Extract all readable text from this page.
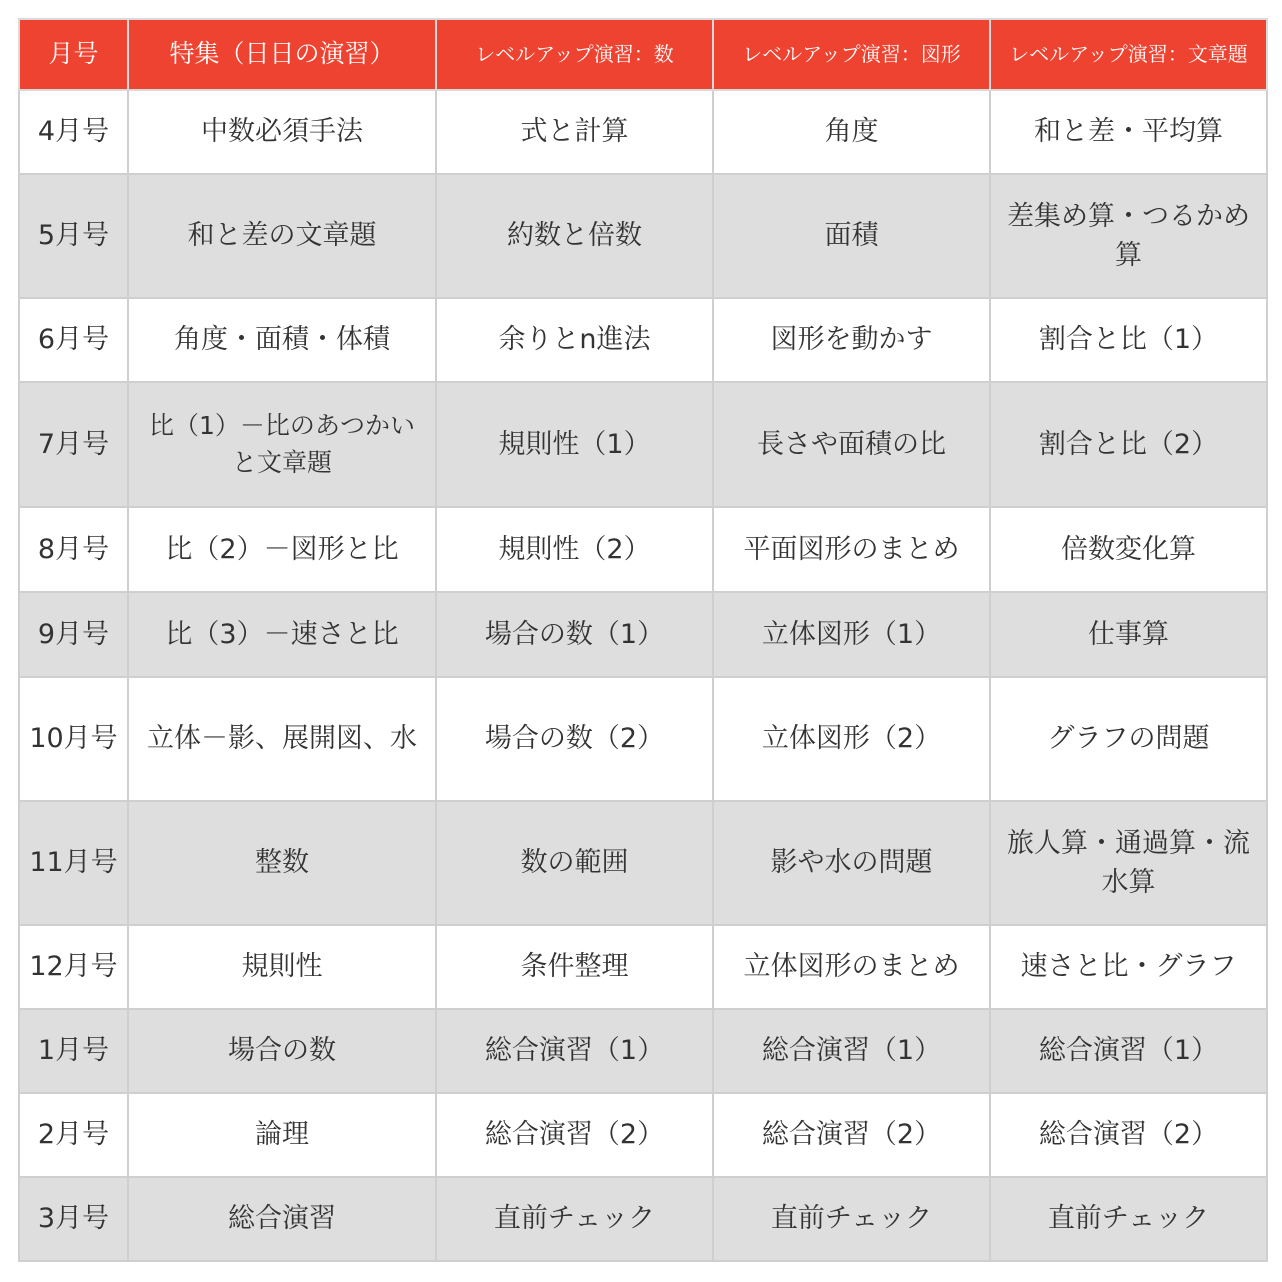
月号	特集（日日の演習）	レベルアップ演習：数	レベルアップ演習：図形	レベルアップ演習：文章題
4月号	中数必須手法	式と計算	角度	和と差・平均算
5月号	和と差の文章題	約数と倍数	面積	差集め算・つるかめ算
6月号	角度・面積・体積	余りとn進法	図形を動かす	割合と比（1）
7月号	比（1）－比のあつかいと文章題	規則性（1）	長さや面積の比	割合と比（2）
8月号	比（2）－図形と比	規則性（2）	平面図形のまとめ	倍数変化算
9月号	比（3）－速さと比	場合の数（1）	立体図形（1）	仕事算
10月号	立体－影、展開図、水	場合の数（2）	立体図形（2）	グラフの問題
11月号	整数	数の範囲	影や水の問題	旅人算・通過算・流水算
12月号	規則性	条件整理	立体図形のまとめ	速さと比・グラフ
1月号	場合の数	総合演習（1）	総合演習（1）	総合演習（1）
2月号	論理	総合演習（2）	総合演習（2）	総合演習（2）
3月号	総合演習	直前チェック	直前チェック	直前チェック
